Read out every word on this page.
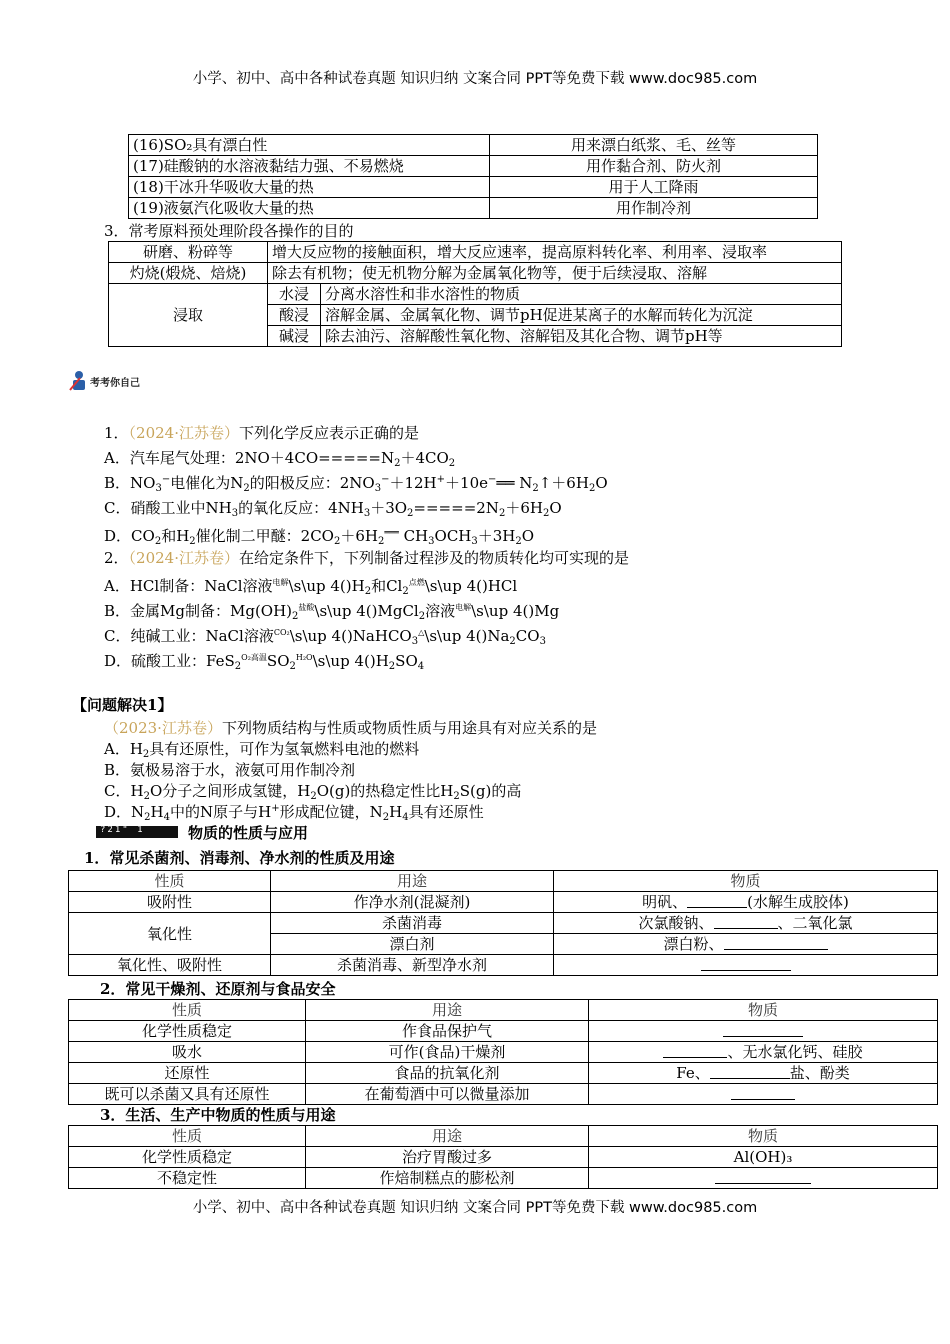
小学、初中、高中各种试卷真题 知识归纳 文案合同 PPT等免费下载 www.doc985.com
小学、初中、高中各种试卷真题 知识归纳 文案合同 PPT等免费下载 www.doc985.com
(16)SO₂具有漂白性	用来漂白纸浆、毛、丝等
(17)硅酸钠的水溶液黏结力强、不易燃烧	用作黏合剂、防火剂
(18)干冰升华吸收大量的热	用于人工降雨
(19)液氨汽化吸收大量的热	用作制冷剂
3．常考原料预处理阶段各操作的目的
研磨、粉碎等	增大反应物的接触面积，增大反应速率，提高原料转化率、利用率、浸取率	
灼烧(煅烧、焙烧)	除去有机物；使无机物分解为金属氧化物等，便于后续浸取、溶解	
浸取	水浸	分离水溶性和非水溶性的物质
	酸浸	溶解金属、金属氧化物、调节pH促进某离子的水解而转化为沉淀
	碱浸	除去油污、溶解酸性氧化物、溶解铝及其化合物、调节pH等
考考你自己
1．（2024·江苏卷）下列化学反应表示正确的是
A．汽车尾气处理：$2NO+4CO=====N_2+4CO_2$
B．$NO_3^-$电催化为$N_2$的阳极反应：$2NO_3^-+12H^++10e^-══$ $N_2↑+6H_2O$
C．硝酸工业中$NH_3$的氧化反应：$4NH_3+3O_2=====2N_2+6H_2O$
D．$CO_2$和$H_2$催化制二甲醚：$2CO_2+6H_2^{═══}$ $CH_3OCH_3+3H_2O$
2．（2024·江苏卷）在给定条件下，下列制备过程涉及的物质转化均可实现的是
A．HCl制备：NaCl溶液$^{电解}$\s\up $4()H_2$和$Cl_2^{点燃}\backslash s\backslash up$ 4()HCl
B．金属Mg制备：$Mg(OH)_2^{盐酸}\backslash s\backslash up$ 4()MgCl$_2$溶液$^{电解}$\s\up 4()Mg
C．纯碱工业：NaCl溶液$^{CO_2}$\s\up 4()NaHCO$_3$△\s\up $4()Na_2CO_3$
D．硫酸工业：$FeS_2^{O_2高温}SO_2^{H_2O}\backslash s\backslash up$ $4()H_2SO_4$
【问题解决1】
（2023·江苏卷）下列物质结构与性质或物质性质与用途具有对应关系的是
A．$H_2$具有还原性，可作为氢氧燃料电池的燃料
B．氨极易溶于水，液氨可用作制冷剂
C．$H_2O$分子之间形成氢键，$H_2O(g)$的热稳定性比$H_2S(g)$的高
D．$N_2H_4$中的N原子与H+形成配位键，$N_2H_4$具有还原性
?21" 1	物质的性质与应用
1．常见杀菌剂、消毒剂、净水剂的性质及用途
性质	用途	物质
吸附性	作净水剂(混凝剂)	明矾、 (水解生成胶体)
氧化性	杀菌消毒	次氯酸钠、 、二氧化氯
	漂白剂	漂白粉、
氧化性、吸附性	杀菌消毒、新型净水剂	
2．常见干燥剂、还原剂与食品安全
性质	用途	物质
化学性质稳定	作食品保护气	
吸水	可作(食品)干燥剂	、无水氯化钙、硅胶
还原性	食品的抗氧化剂	Fe、 盐、酚类
既可以杀菌又具有还原性	在葡萄酒中可以微量添加	
3．生活、生产中物质的性质与用途
性质	用途	物质
化学性质稳定	治疗胃酸过多	Al(OH)₃
不稳定性	作焙制糕点的膨松剂	
